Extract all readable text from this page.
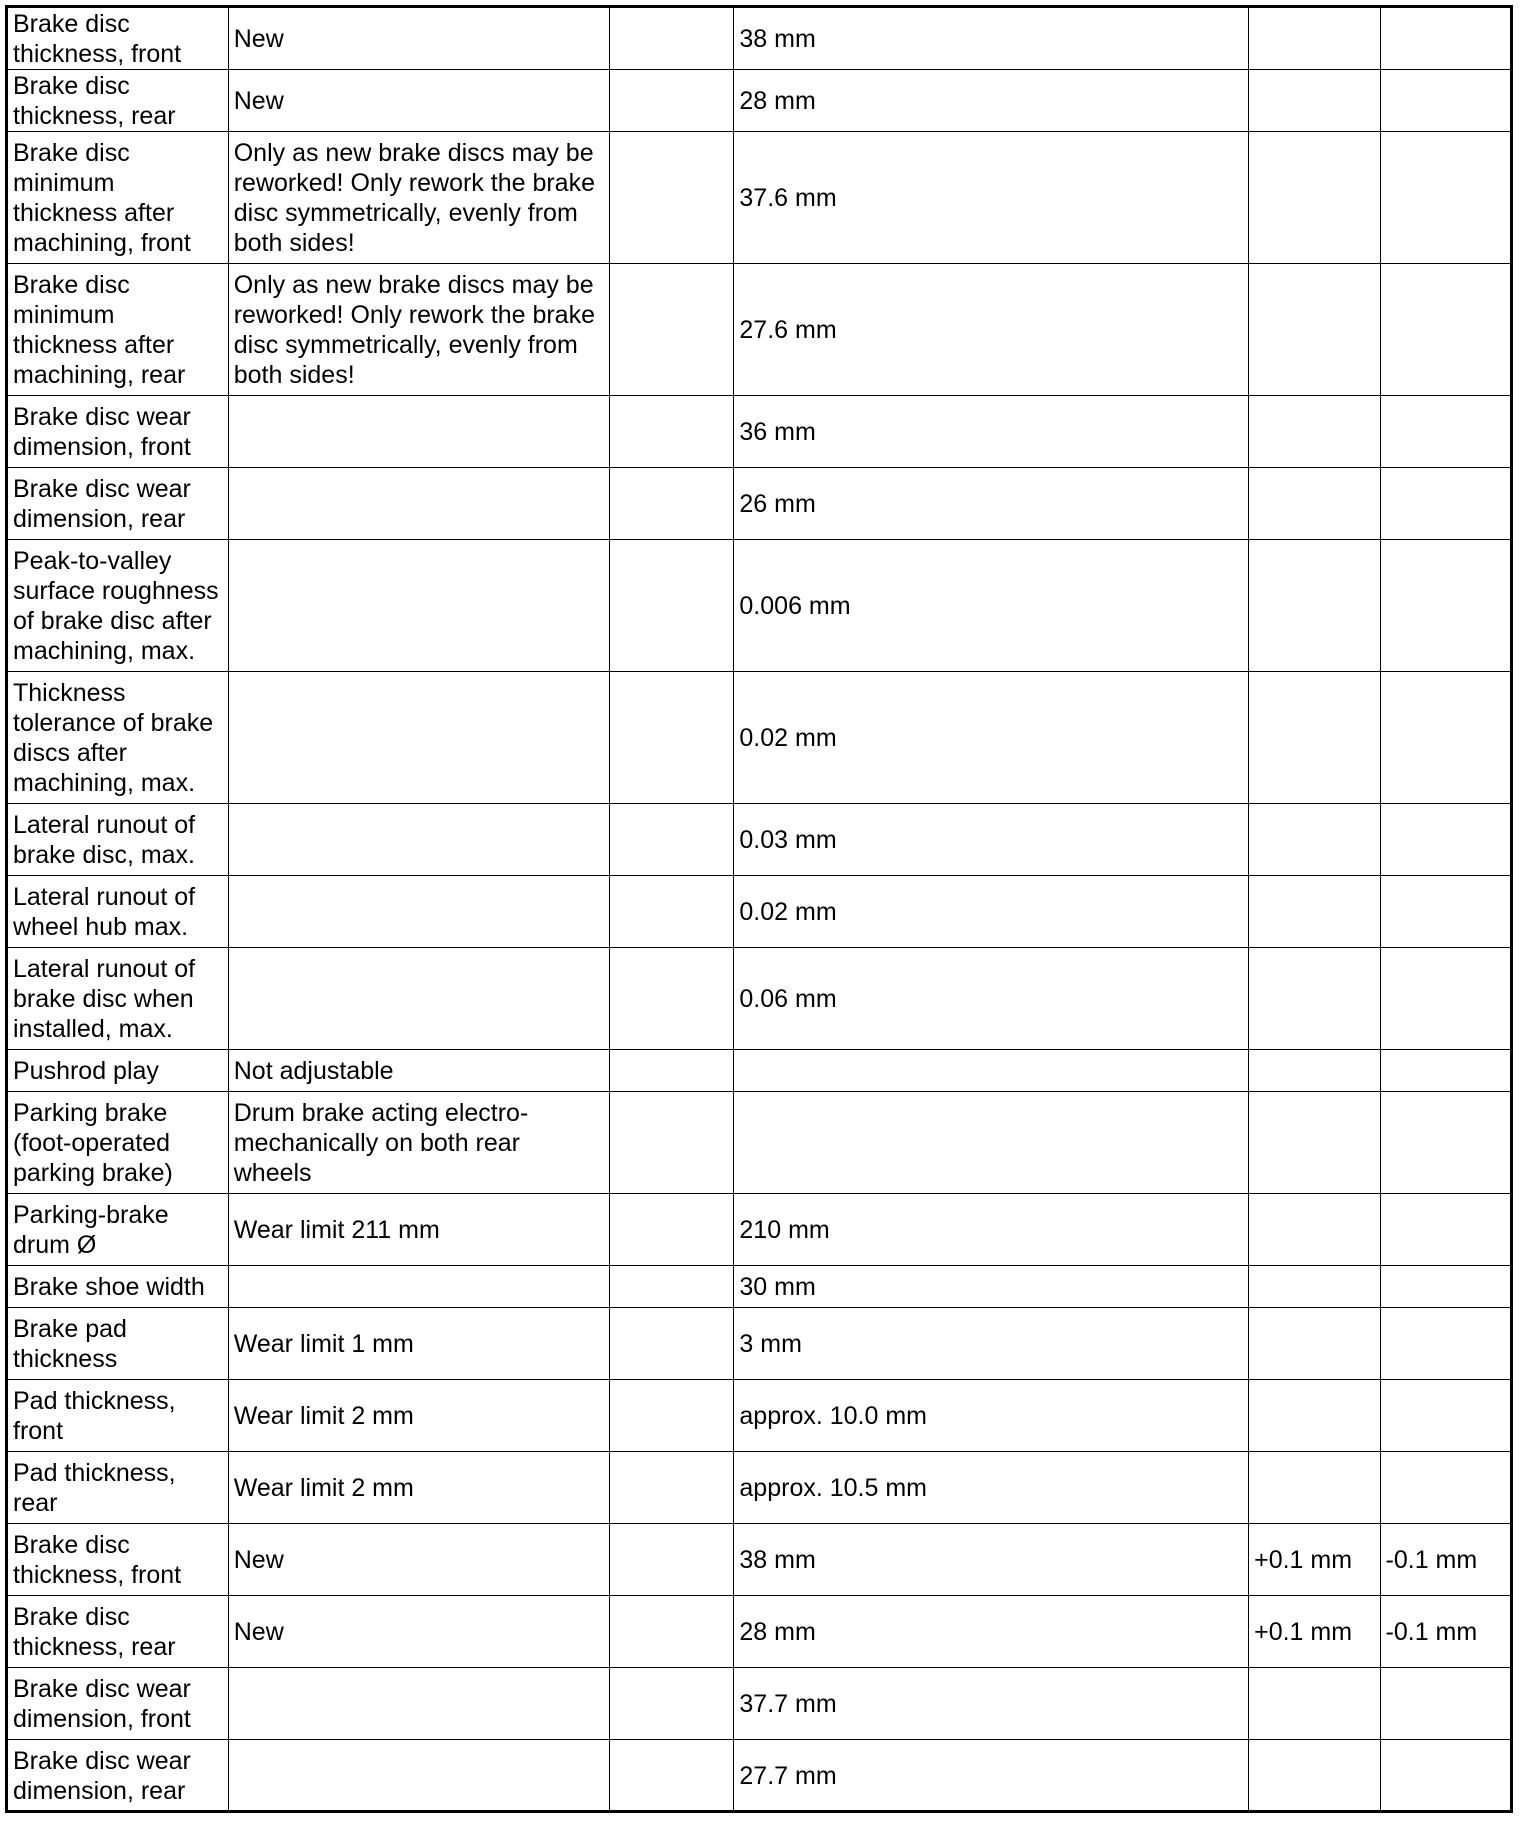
Brake disc thickness, front	New		38 mm		
Brake disc thickness, rear	New		28 mm		
Brake disc minimum thickness after machining, front	Only as new brake discs may be reworked! Only rework the brake disc symmetrically, evenly from both sides!		37.6 mm		
Brake disc minimum thickness after machining, rear	Only as new brake discs may be reworked! Only rework the brake disc symmetrically, evenly from both sides!		27.6 mm		
Brake disc wear dimension, front			36 mm		
Brake disc wear dimension, rear			26 mm		
Peak-to-valley surface roughness of brake disc after machining, max.			0.006 mm		
Thickness tolerance of brake discs after machining, max.			0.02 mm		
Lateral runout of brake disc, max.			0.03 mm		
Lateral runout of wheel hub max.			0.02 mm		
Lateral runout of brake disc when installed, max.			0.06 mm		
Pushrod play	Not adjustable				
Parking brake (foot-operated parking brake)	Drum brake acting electro-mechanically on both rear wheels				
Parking-brake drum Ø	Wear limit 211 mm		210 mm		
Brake shoe width			30 mm		
Brake pad thickness	Wear limit 1 mm		3 mm		
Pad thickness, front	Wear limit 2 mm		approx. 10.0 mm		
Pad thickness, rear	Wear limit 2 mm		approx. 10.5 mm		
Brake disc thickness, front	New		38 mm	+0.1 mm	-0.1 mm
Brake disc thickness, rear	New		28 mm	+0.1 mm	-0.1 mm
Brake disc wear dimension, front			37.7 mm		
Brake disc wear dimension, rear			27.7 mm		
